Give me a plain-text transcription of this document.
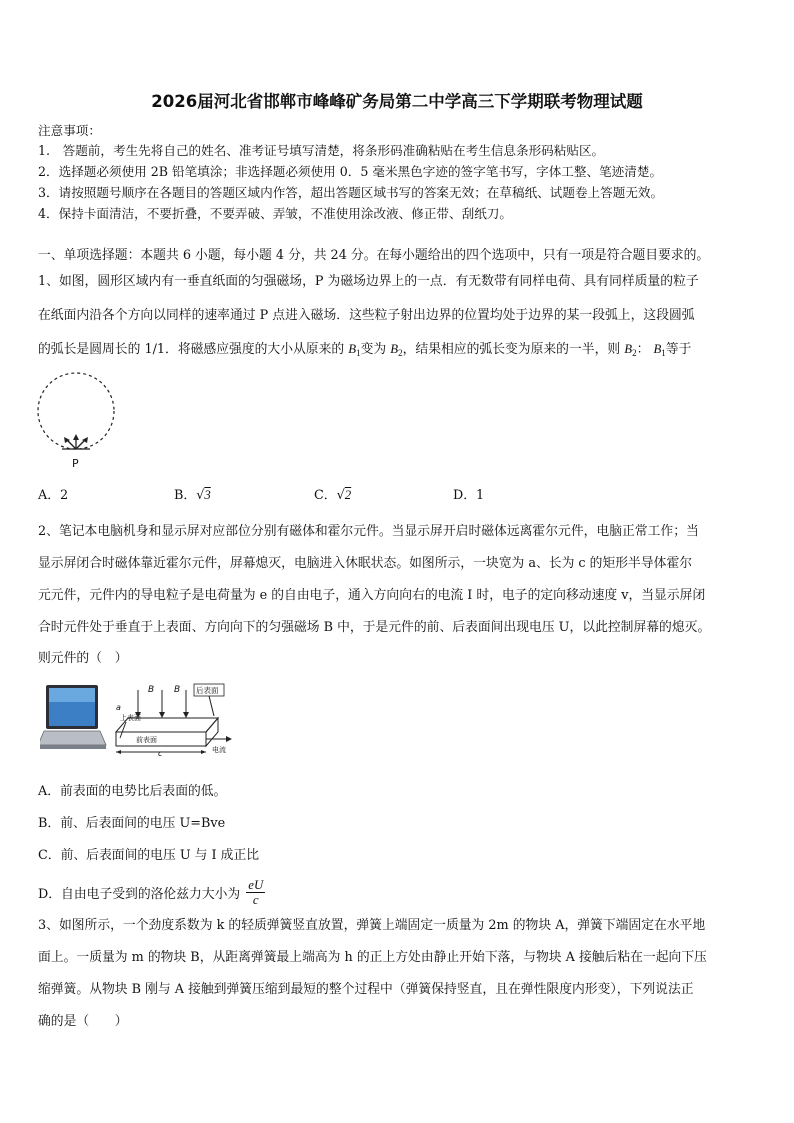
2026届河北省邯郸市峰峰矿务局第二中学高三下学期联考物理试题
注意事项：
1.　答题前，考生先将自己的姓名、准考证号填写清楚，将条形码准确粘贴在考生信息条形码粘贴区。
2．选择题必须使用 2B 铅笔填涂；非选择题必须使用 0．5 毫米黑色字迹的签字笔书写，字体工整、笔迹清楚。
3．请按照题号顺序在各题目的答题区域内作答，超出答题区域书写的答案无效；在草稿纸、试题卷上答题无效。
4．保持卡面清洁，不要折叠，不要弄破、弄皱，不准使用涂改液、修正带、刮纸刀。
一、单项选择题：本题共 6 小题，每小题 4 分，共 24 分。在每小题给出的四个选项中，只有一项是符合题目要求的。
1、如图，圆形区域内有一垂直纸面的匀强磁场，P 为磁场边界上的一点．有无数带有同样电荷、具有同样质量的粒子
在纸面内沿各个方向以同样的速率通过 P 点进入磁场．这些粒子射出边界的位置均处于边界的某一段弧上，这段圆弧
的弧长是圆周长的 1/1．将磁感应强度的大小从原来的 $B_1$变为 $B_2$，结果相应的弧长变为原来的一半，则 $B_2$： $B_1$等于
P
A．2	B．√3	C．√2	D．1
2、笔记本电脑机身和显示屏对应部位分别有磁体和霍尔元件。当显示屏开启时磁体远离霍尔元件，电脑正常工作；当
显示屏闭合时磁体靠近霍尔元件，屏幕熄灭，电脑进入休眠状态。如图所示，一块宽为 a、长为 c 的矩形半导体霍尔
元元件，元件内的导电粒子是电荷量为 e 的自由电子，通入方向向右的电流 I 时，电子的定向移动速度 v，当显示屏闭
合时元件处于垂直于上表面、方向向下的匀强磁场 B 中，于是元件的前、后表面间出现电压 U，以此控制屏幕的熄灭。
则元件的（　）
后表面
B B
a
上表面
前表面
c	电流
A．前表面的电势比后表面的低。
B．前、后表面间的电压 U=Bve
C．前、后表面间的电压 U 与 I 成正比
D．自由电子受到的洛伦兹力大小为 $\frac{eU}{c}$
3、如图所示，一个劲度系数为 k 的轻质弹簧竖直放置，弹簧上端固定一质量为 2m 的物块 A，弹簧下端固定在水平地
面上。一质量为 m 的物块 B，从距离弹簧最上端高为 h 的正上方处由静止开始下落，与物块 A 接触后粘在一起向下压
缩弹簧。从物块 B 刚与 A 接触到弹簧压缩到最短的整个过程中（弹簧保持竖直，且在弹性限度内形变），下列说法正
确的是（　　）
